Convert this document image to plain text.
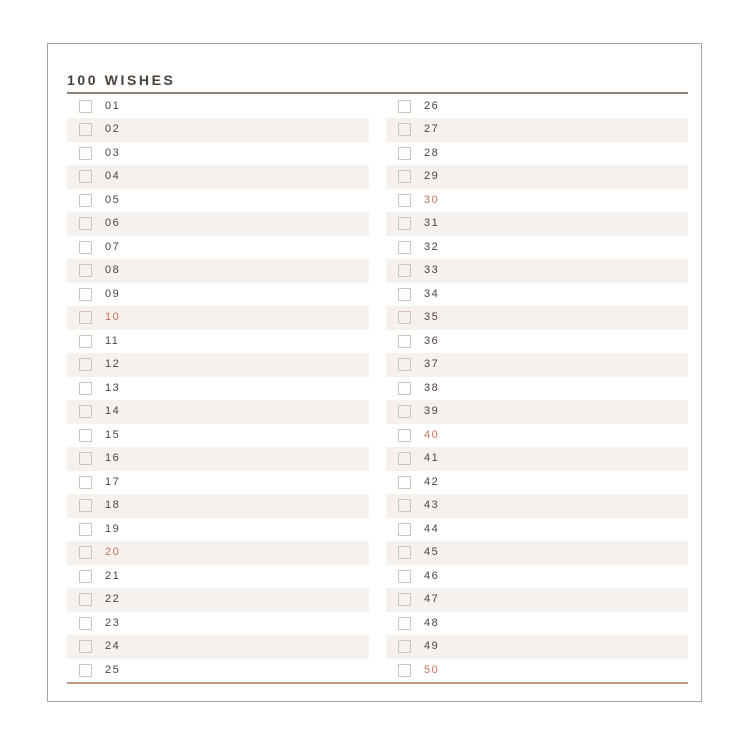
100 WISHES
01
02
03
04
05
06
07
08
09
10
11
12
13
14
15
16
17
18
19
20
21
22
23
24
25
26
27
28
29
30
31
32
33
34
35
36
37
38
39
40
41
42
43
44
45
46
47
48
49
50
